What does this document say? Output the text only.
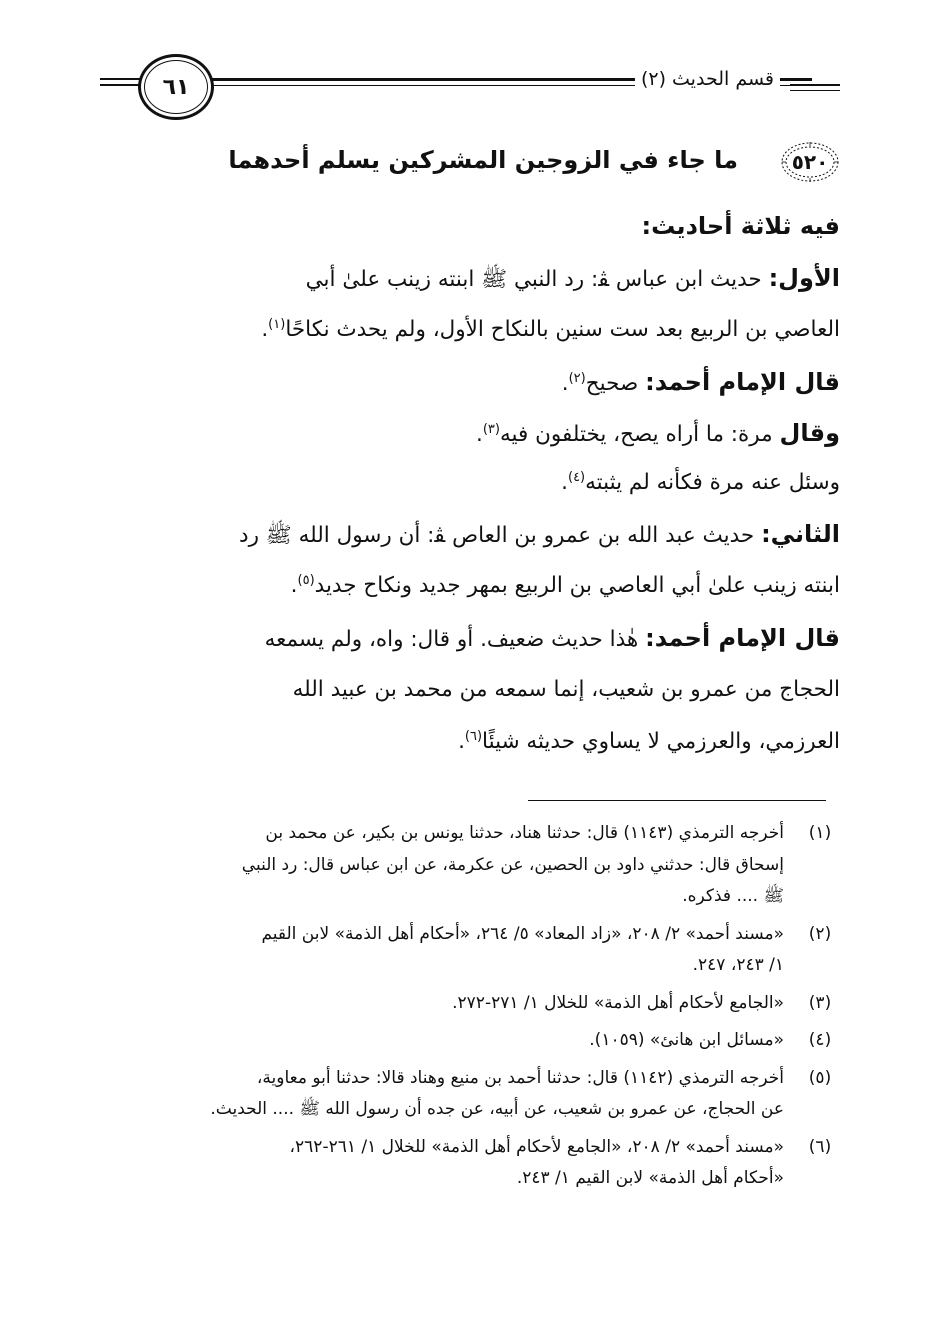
٦١	قسم الحديث (٢)
٥٢٠
ما جاء في الزوجين المشركين يسلم أحدهما
فيه ثلاثة أحاديث:
الأول: حديث ابن عباس ﭭ: رد النبي ﷺ ابنته زينب علىٰ أبي
العاصي بن الربيع بعد ست سنين بالنكاح الأول، ولم يحدث نكاحًا$^{(١)}$.
قال الإمام أحمد: صحيح$^{(٢)}$.
وقال مرة: ما أراه يصح، يختلفون فيه$^{(٣)}$.
وسئل عنه مرة فكأنه لم يثبته$^{(٤)}$.
الثاني: حديث عبد الله بن عمرو بن العاص ﭭ: أن رسول الله ﷺ رد
ابنته زينب علىٰ أبي العاصي بن الربيع بمهر جديد ونكاح جديد$^{(٥)}$.
قال الإمام أحمد: هٰذا حديث ضعيف. أو قال: واه، ولم يسمعه
الحجاج من عمرو بن شعيب، إنما سمعه من محمد بن عبيد الله
العرزمي، والعرزمي لا يساوي حديثه شيئًا$^{(٦)}$.
(١)
أخرجه الترمذي (١١٤٣) قال: حدثنا هناد، حدثنا يونس بن بكير، عن محمد بن
إسحاق قال: حدثني داود بن الحصين، عن عكرمة، عن ابن عباس قال: رد النبي
ﷺ .... فذكره.
(٢)
«مسند أحمد» ٢/ ٢٠٨، «زاد المعاد» ٥/ ٢٦٤، «أحكام أهل الذمة» لابن القيم
١/ ٢٤٣، ٢٤٧.
(٣)
«الجامع لأحكام أهل الذمة» للخلال ١/ ٢٧١-٢٧٢.
(٤)
«مسائل ابن هانئ» (١٠٥٩).
(٥)
أخرجه الترمذي (١١٤٢) قال: حدثنا أحمد بن منيع وهناد قالا: حدثنا أبو معاوية،
عن الحجاج، عن عمرو بن شعيب، عن أبيه، عن جده أن رسول الله ﷺ .... الحديث.
(٦)
«مسند أحمد» ٢/ ٢٠٨، «الجامع لأحكام أهل الذمة» للخلال ١/ ٢٦١-٢٦٢،
«أحكام أهل الذمة» لابن القيم ١/ ٢٤٣.
